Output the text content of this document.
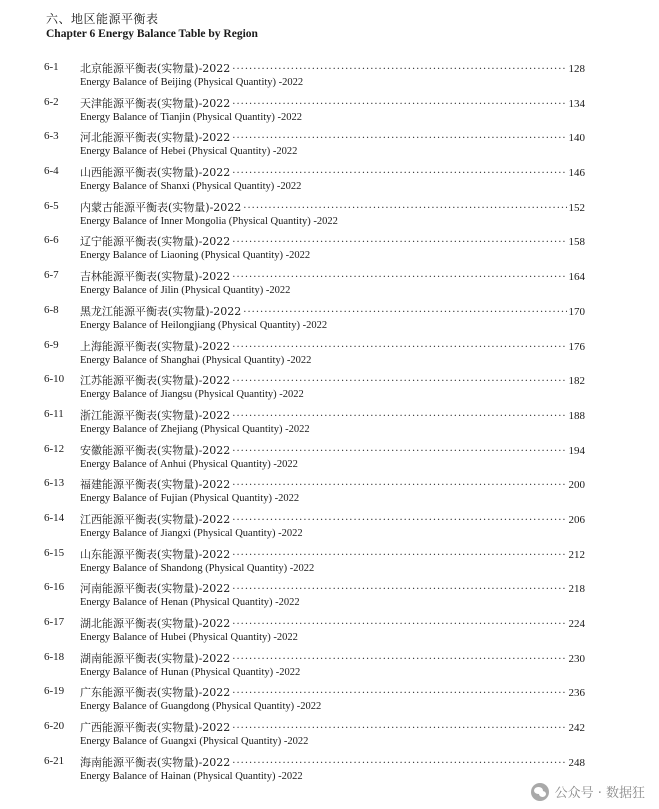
六、地区能源平衡表
Chapter 6 Energy Balance Table by Region
6-1 北京能源平衡表(实物量)-2022 ·····	128
Energy Balance of Beijing (Physical Quantity) -2022
6-2 天津能源平衡表(实物量)-2022 ·····	134
Energy Balance of Tianjin (Physical Quantity) -2022
6-3 河北能源平衡表(实物量)-2022 ·····	140
Energy Balance of Hebei (Physical Quantity) -2022
6-4 山西能源平衡表(实物量)-2022 ·····	146
Energy Balance of Shanxi (Physical Quantity) -2022
6-5 内蒙古能源平衡表(实物量)-2022 ·····	152
Energy Balance of Inner Mongolia (Physical Quantity) -2022
6-6 辽宁能源平衡表(实物量)-2022 ·····	158
Energy Balance of Liaoning (Physical Quantity) -2022
6-7 吉林能源平衡表(实物量)-2022 ·····	164
Energy Balance of Jilin (Physical Quantity) -2022
6-8 黑龙江能源平衡表(实物量)-2022 ·····	170
Energy Balance of Heilongjiang (Physical Quantity) -2022
6-9 上海能源平衡表(实物量)-2022 ·····	176
Energy Balance of Shanghai (Physical Quantity) -2022
6-10 江苏能源平衡表(实物量)-2022 ·····	182
Energy Balance of Jiangsu (Physical Quantity) -2022
6-11 浙江能源平衡表(实物量)-2022 ·····	188
Energy Balance of Zhejiang (Physical Quantity) -2022
6-12 安徽能源平衡表(实物量)-2022 ·····	194
Energy Balance of Anhui (Physical Quantity) -2022
6-13 福建能源平衡表(实物量)-2022 ·····	200
Energy Balance of Fujian (Physical Quantity) -2022
6-14 江西能源平衡表(实物量)-2022 ·····	206
Energy Balance of Jiangxi (Physical Quantity) -2022
6-15 山东能源平衡表(实物量)-2022 ·····	212
Energy Balance of Shandong (Physical Quantity) -2022
6-16 河南能源平衡表(实物量)-2022 ·····	218
Energy Balance of Henan (Physical Quantity) -2022
6-17 湖北能源平衡表(实物量)-2022 ·····	224
Energy Balance of Hubei (Physical Quantity) -2022
6-18 湖南能源平衡表(实物量)-2022 ·····	230
Energy Balance of Hunan (Physical Quantity) -2022
6-19 广东能源平衡表(实物量)-2022 ·····	236
Energy Balance of Guangdong (Physical Quantity) -2022
6-20 广西能源平衡表(实物量)-2022 ·····	242
Energy Balance of Guangxi (Physical Quantity) -2022
6-21 海南能源平衡表(实物量)-2022 ·····	248
Energy Balance of Hainan (Physical Quantity) -2022
公众号 · 数据狂
